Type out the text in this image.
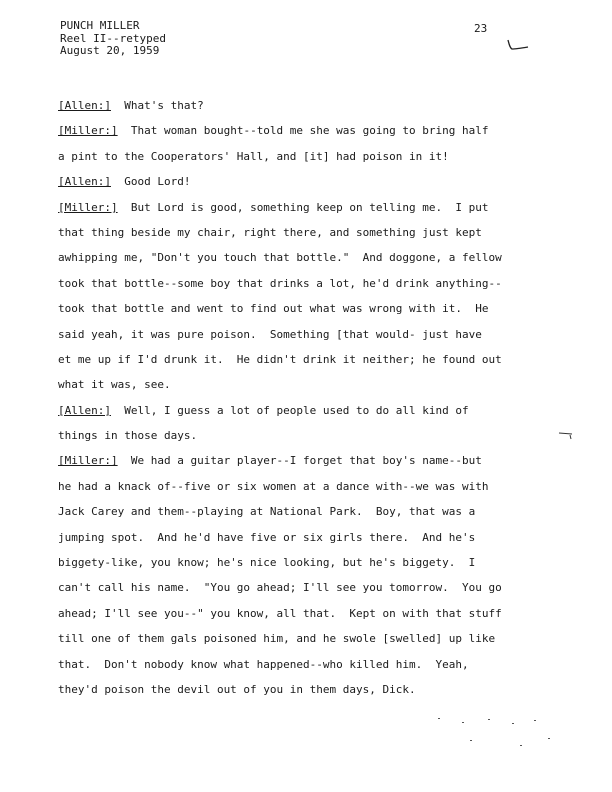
PUNCH MILLER
Reel II--retyped
August 20, 1959
23
[Allen:] What's that?
[Miller:] That woman bought--told me she was going to bring half
a pint to the Cooperators' Hall, and [it] had poison in it!
[Allen:] Good Lord!
[Miller:] But Lord is good, something keep on telling me.  I put
that thing beside my chair, right there, and something just kept
awhipping me, "Don't you touch that bottle."  And doggone, a fellow
took that bottle--some boy that drinks a lot, he'd drink anything--
took that bottle and went to find out what was wrong with it.  He
said yeah, it was pure poison.  Something [that would- just have
et me up if I'd drunk it.  He didn't drink it neither; he found out
what it was, see.
[Allen:] Well, I guess a lot of people used to do all kind of
things in those days.
[Miller:] We had a guitar player--I forget that boy's name--but
he had a knack of--five or six women at a dance with--we was with
Jack Carey and them--playing at National Park.  Boy, that was a
jumping spot.  And he'd have five or six girls there.  And he's
biggety-like, you know; he's nice looking, but he's biggety.  I
can't call his name.  "You go ahead; I'll see you tomorrow.  You go
ahead; I'll see you--" you know, all that.  Kept on with that stuff
till one of them gals poisoned him, and he swole [swelled] up like
that.  Don't nobody know what happened--who killed him.  Yeah,
they'd poison the devil out of you in them days, Dick.
